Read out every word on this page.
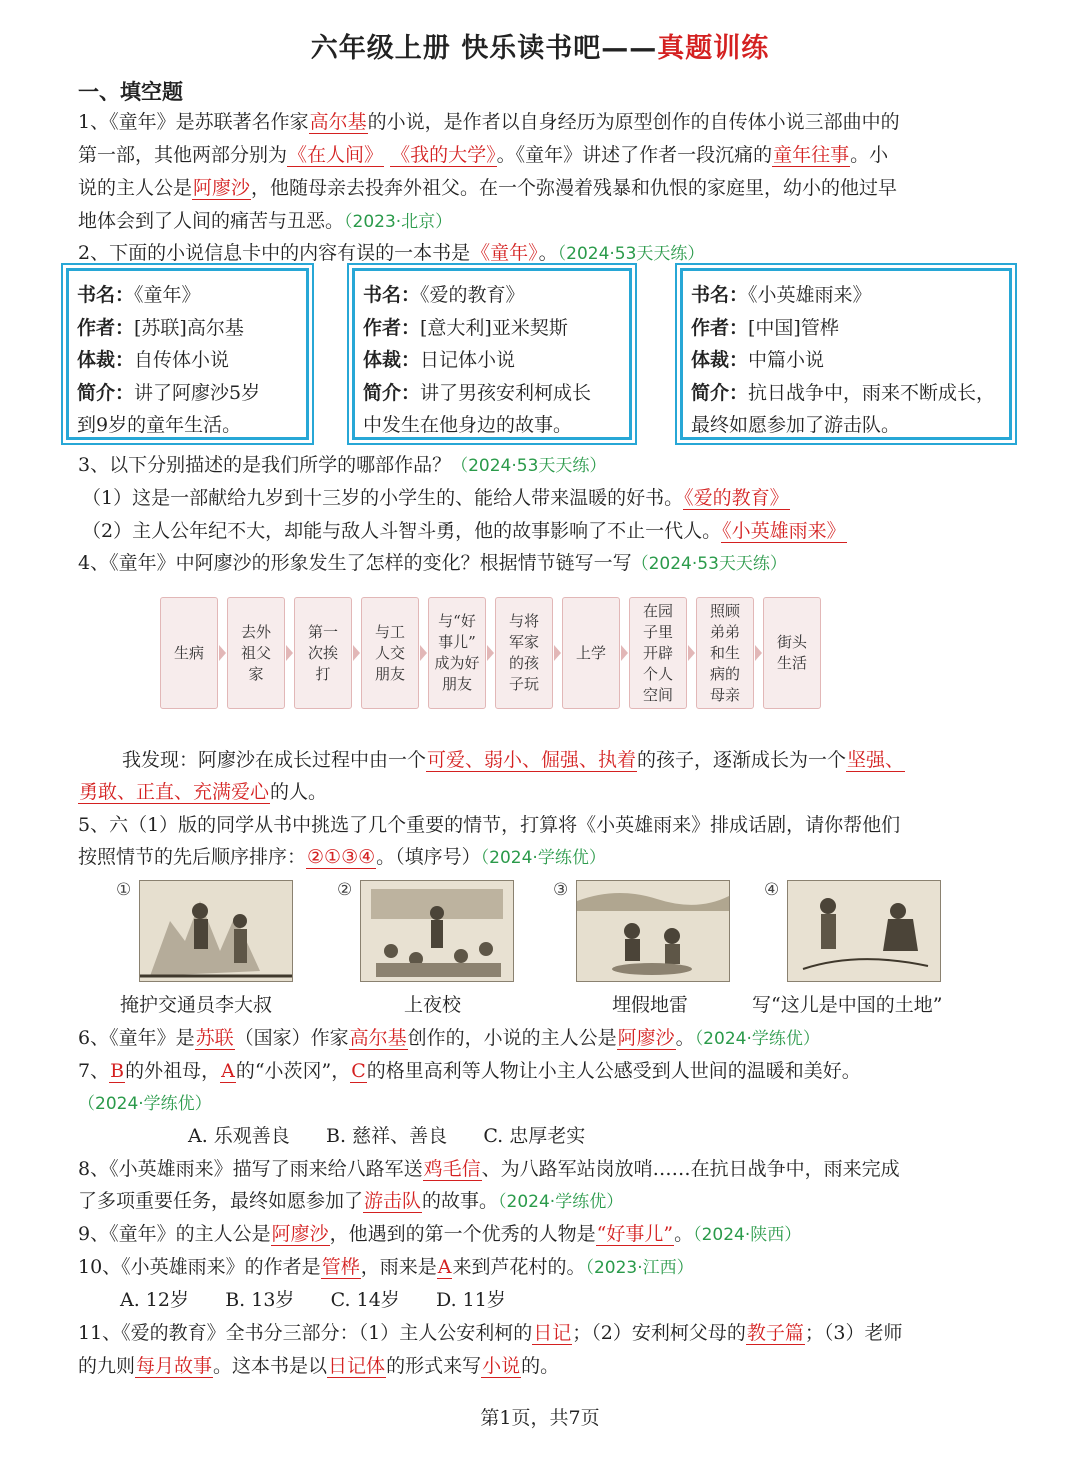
六年级上册 快乐读书吧——真题训练
一、填空题
1、《童年》是苏联著名作家高尔基的小说，是作者以自身经历为原型创作的自传体小说三部曲中的
第一部，其他两部分别为《在人间》 《我的大学》。《童年》讲述了作者一段沉痛的童年往事。小
说的主人公是阿廖沙，他随母亲去投奔外祖父。在一个弥漫着残暴和仇恨的家庭里，幼小的他过早
地体会到了人间的痛苦与丑恶。（2023·北京）
2、下面的小说信息卡中的内容有误的一本书是《童年》。（2024·53天天练）
书名：《童年》
作者：[苏联]高尔基
体裁：自传体小说
简介：讲了阿廖沙5岁
到9岁的童年生活。
书名：《爱的教育》
作者：[意大利]亚米契斯
体裁：日记体小说
简介：讲了男孩安利柯成长
中发生在他身边的故事。
书名：《小英雄雨来》
作者：[中国]管桦
体裁：中篇小说
简介：抗日战争中，雨来不断成长，
最终如愿参加了游击队。
3、以下分别描述的是我们所学的哪部作品？（2024·53天天练）
（1）这是一部献给九岁到十三岁的小学生的、能给人带来温暖的好书。《爱的教育》
（2）主人公年纪不大，却能与敌人斗智斗勇，他的故事影响了不止一代人。《小英雄雨来》
4、《童年》中阿廖沙的形象发生了怎样的变化？根据情节链写一写（2024·53天天练）
生病
去外
祖父
家
第一
次挨
打
与工
人交
朋友
与“好
事儿”
成为好
朋友
与将
军家
的孩
子玩
上学
在园
子里
开辟
个人
空间
照顾
弟弟
和生
病的
母亲
街头
生活
我发现：阿廖沙在成长过程中由一个可爱、弱小、倔强、执着的孩子，逐渐成长为一个坚强、
勇敢、正直、充满爱心的人。
5、六（1）版的同学从书中挑选了几个重要的情节，打算将《小英雄雨来》排成话剧，请你帮他们
按照情节的先后顺序排序：②①③④。（填序号）（2024·学练优）
①	②	③	④
掩护交通员李大叔	上夜校	埋假地雷	写“这儿是中国的土地”
6、《童年》是苏联（国家）作家高尔基创作的，小说的主人公是阿廖沙。（2024·学练优）
7、B的外祖母，A的“小茨冈”，C的格里高利等人物让小主人公感受到人世间的温暖和美好。
（2024·学练优）
A. 乐观善良      B. 慈祥、善良      C. 忠厚老实
8、《小英雄雨来》描写了雨来给八路军送鸡毛信、为八路军站岗放哨……在抗日战争中，雨来完成
了多项重要任务，最终如愿参加了游击队的故事。（2024·学练优）
9、《童年》的主人公是阿廖沙，他遇到的第一个优秀的人物是“好事儿”。（2024·陕西）
10、《小英雄雨来》的作者是管桦，雨来是A来到芦花村的。（2023·江西）
A. 12岁      B. 13岁      C. 14岁      D. 11岁
11、《爱的教育》全书分三部分：（1）主人公安利柯的日记；（2）安利柯父母的教子篇；（3）老师
的九则每月故事。这本书是以日记体的形式来写小说的。
第1页，共7页
